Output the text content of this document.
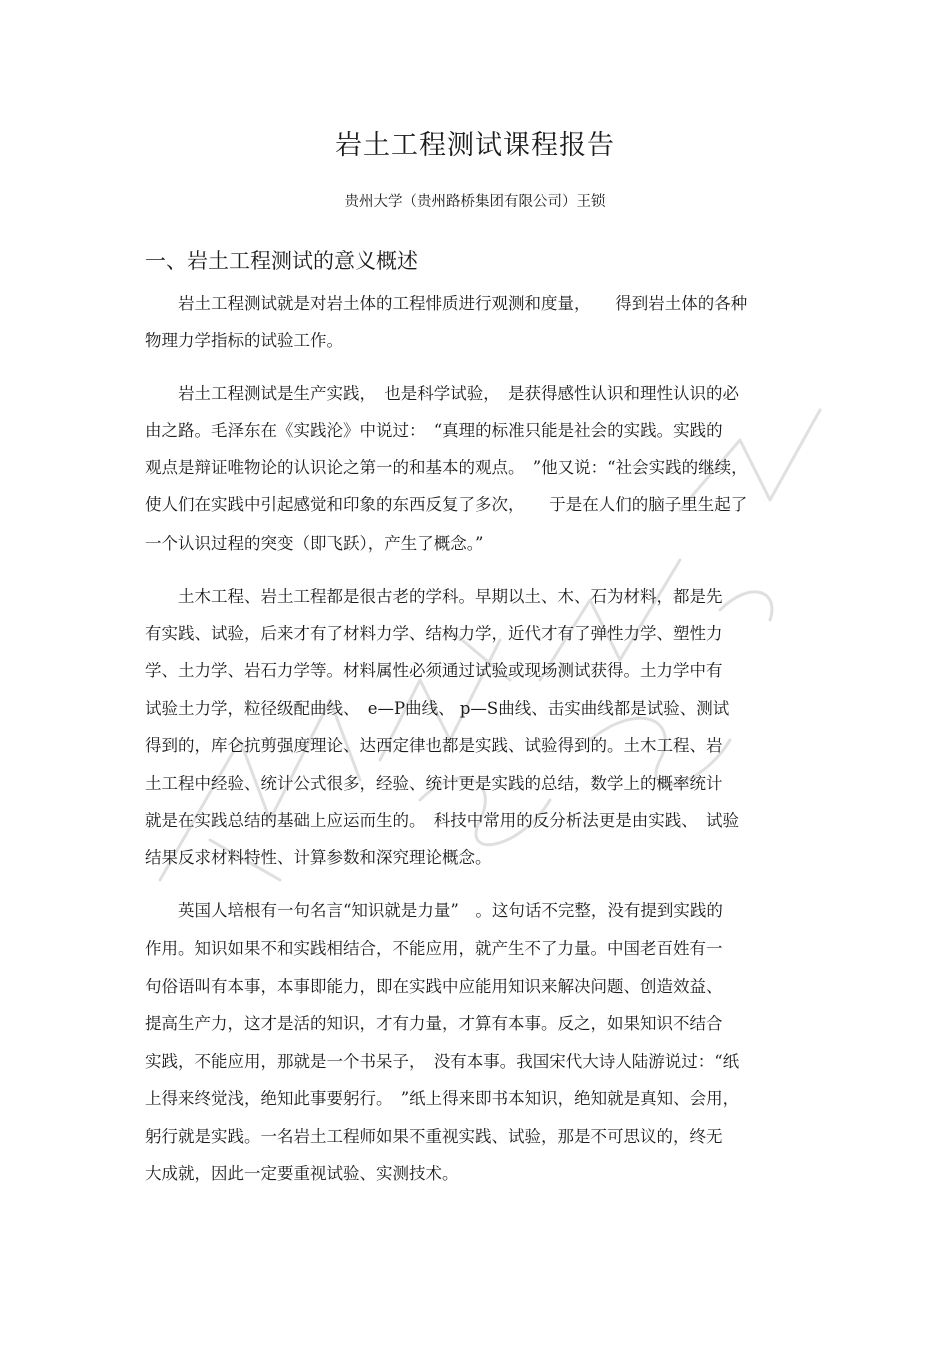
岩土工程测试课程报告
贵州大学（贵州路桥集团有限公司）王锁
一、岩土工程测试的意义概述
　　岩土工程测试就是对岩土体的工程悱质进行观测和度量，　　得到岩土体的各种
物理力学指标的试验工作。
　　岩土工程测试是生产实践，　也是科学试验，　是获得感性认识和理性认识的必
由之路。毛泽东在《实践沦》中说过：　“真理的标准只能是社会的实践。实践的
观点是辩证唯物论的认识论之第一的和基本的观点。　”他又说：“社会实践的继续，
使人们在实践中引起感觉和印象的东西反复了多次，　　于是在人们的脑子里生起了
一个认识过程的突变（即飞跃），产生了概念。”
　　土木工程、岩土工程都是很古老的学科。早期以土、木、石为材料，都是先
有实践、试验，后来才有了材料力学、结构力学，近代才有了弹性力学、塑性力
学、土力学、岩石力学等。材料属性必须通过试验或现场测试获得。土力学中有
试验土力学，粒径级配曲线、　e—P曲线、 p—S曲线、击实曲线都是试验、测试
得到的，库仑抗剪强度理论、达西定律也都是实践、试验得到的。土木工程、岩
土工程中经验、统计公式很多，经验、统计更是实践的总结，数学上的概率统计
就是在实践总结的基础上应运而生的。　科技中常用的反分析法更是由实践、　试验
结果反求材料特性、计算参数和深究理论概念。
　　英国人培根有一句名言“知识就是力量”　。这句话不完整，没有提到实践的
作用。知识如果不和实践相结合，不能应用，就产生不了力量。中国老百姓有一
句俗语叫有本事，本事即能力，即在实践中应能用知识来解决问题、创造效益、
提高生产力，这才是活的知识，才有力量，才算有本事。反之，如果知识不结合
实践，不能应用，那就是一个书呆子，　没有本事。我国宋代大诗人陆游说过：“纸
上得来终觉浅，绝知此事要躬行。　”纸上得来即书本知识，绝知就是真知、会用，
躬行就是实践。一名岩土工程师如果不重视实践、试验，那是不可思议的，终无
大成就，因此一定要重视试验、实测技术。
